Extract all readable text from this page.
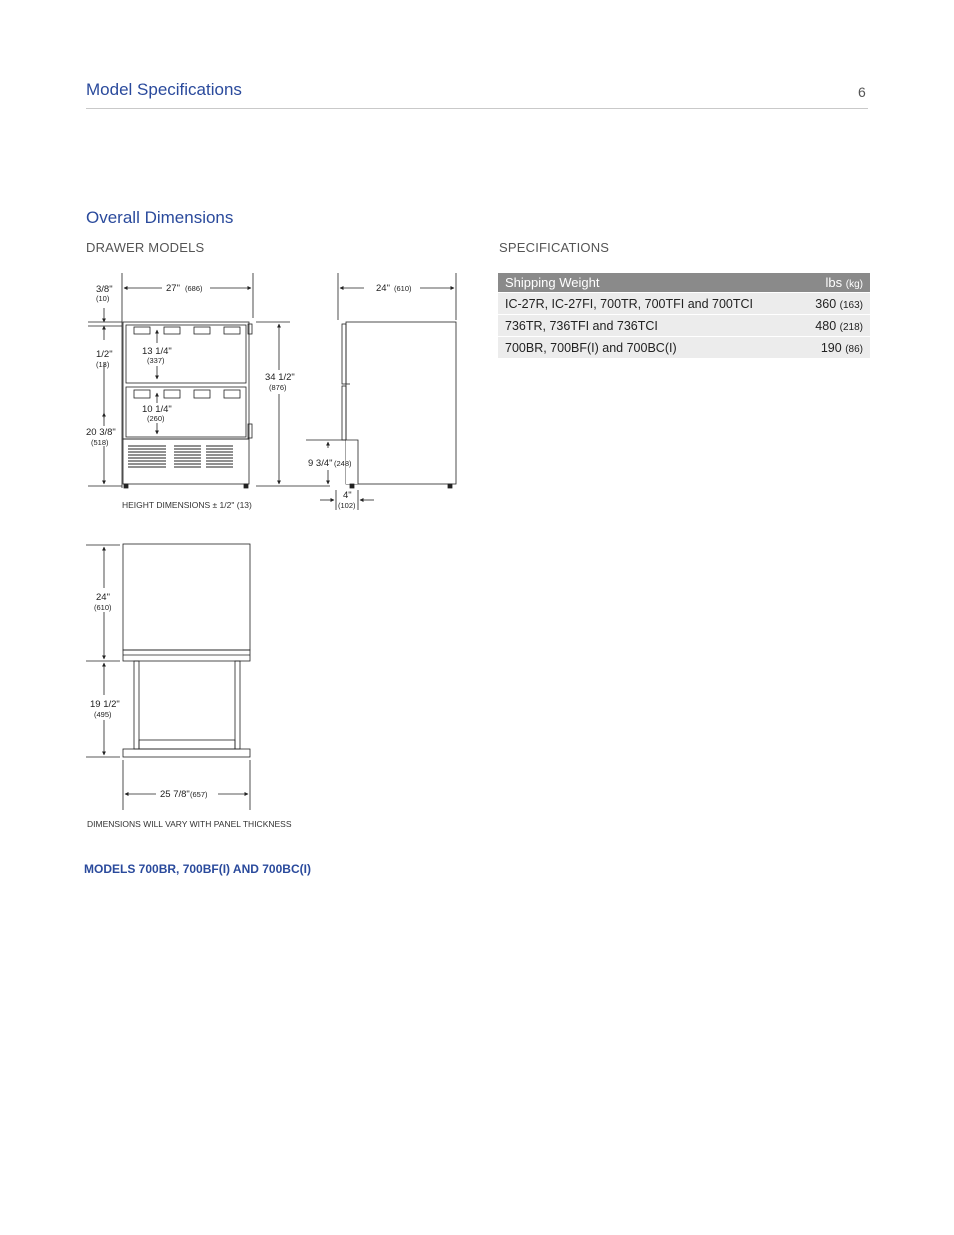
Model Specifications	6
Overall Dimensions
DRAWER MODELS	SPECIFICATIONS
Shipping Weight	lbs (kg)
IC-27R, IC-27FI, 700TR, 700TFI and 700TCI	360 (163)
736TR, 736TFI and 736TCI	480 (218)
700BR, 700BF(I) and 700BC(I)	190 (86)
27" (686)
3/8"
(10)
1/2"
(13)
20 3/8"
(518)
13 1/4"
(337)
10 1/4"
(260)
34 1/2"
(876)
24" (610)
9 3/4" (248)
4"
(102)
HEIGHT DIMENSIONS ± 1/2" (13)
24"
(610)
19 1/2"
(495)
25 7/8" (657)
DIMENSIONS WILL VARY WITH PANEL THICKNESS
MODELS 700BR, 700BF(I) AND 700BC(I)
